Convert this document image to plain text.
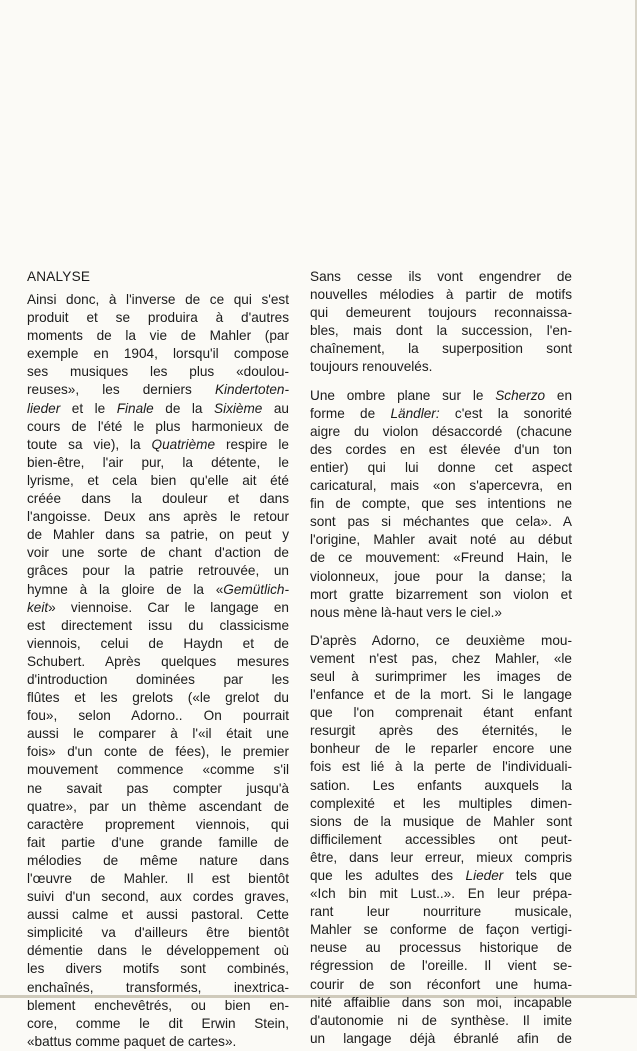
ANALYSE
Ainsi donc, à l'inverse de ce qui s'est
produit et se produira à d'autres
moments de la vie de Mahler (par
exemple en 1904, lorsqu'il compose
ses musiques les plus «doulou-
reuses», les derniers Kindertoten-
lieder et le Finale de la Sixième au
cours de l'été le plus harmonieux de
toute sa vie), la Quatrième respire le
bien-être, l'air pur, la détente, le
lyrisme, et cela bien qu'elle ait été
créée dans la douleur et dans
l'angoisse. Deux ans après le retour
de Mahler dans sa patrie, on peut y
voir une sorte de chant d'action de
grâces pour la patrie retrouvée, un
hymne à la gloire de la «Gemütlich-
keit» viennoise. Car le langage en
est directement issu du classicisme
viennois, celui de Haydn et de
Schubert. Après quelques mesures
d'introduction dominées par les
flûtes et les grelots («le grelot du
fou», selon Adorno.. On pourrait
aussi le comparer à l'«il était une
fois» d'un conte de fées), le premier
mouvement commence «comme s'il
ne savait pas compter jusqu'à
quatre», par un thème ascendant de
caractère proprement viennois, qui
fait partie d'une grande famille de
mélodies de même nature dans
l'œuvre de Mahler. Il est bientôt
suivi d'un second, aux cordes graves,
aussi calme et aussi pastoral. Cette
simplicité va d'ailleurs être bientôt
démentie dans le développement où
les divers motifs sont combinés,
enchaînés, transformés, inextrica-
blement enchevêtrés, ou bien en-
core, comme le dit Erwin Stein,
«battus comme paquet de cartes».
Sans cesse ils vont engendrer de
nouvelles mélodies à partir de motifs
qui demeurent toujours reconnaissa-
bles, mais dont la succession, l'en-
chaînement, la superposition sont
toujours renouvelés.
Une ombre plane sur le Scherzo en
forme de Ländler: c'est la sonorité
aigre du violon désaccordé (chacune
des cordes en est élevée d'un ton
entier) qui lui donne cet aspect
caricatural, mais «on s'apercevra, en
fin de compte, que ses intentions ne
sont pas si méchantes que cela». A
l'origine, Mahler avait noté au début
de ce mouvement: «Freund Hain, le
violonneux, joue pour la danse; la
mort gratte bizarrement son violon et
nous mène là-haut vers le ciel.»
D'après Adorno, ce deuxième mou-
vement n'est pas, chez Mahler, «le
seul à surimprimer les images de
l'enfance et de la mort. Si le langage
que l'on comprenait étant enfant
resurgit après des éternités, le
bonheur de le reparler encore une
fois est lié à la perte de l'individuali-
sation. Les enfants auxquels la
complexité et les multiples dimen-
sions de la musique de Mahler sont
difficilement accessibles ont peut-
être, dans leur erreur, mieux compris
que les adultes des Lieder tels que
«Ich bin mit Lust..». En leur prépa-
rant leur nourriture musicale,
Mahler se conforme de façon vertigi-
neuse au processus historique de
régression de l'oreille. Il vient se-
courir de son réconfort une huma-
nité affaiblie dans son moi, incapable
d'autonomie ni de synthèse. Il imite
un langage déjà ébranlé afin de
